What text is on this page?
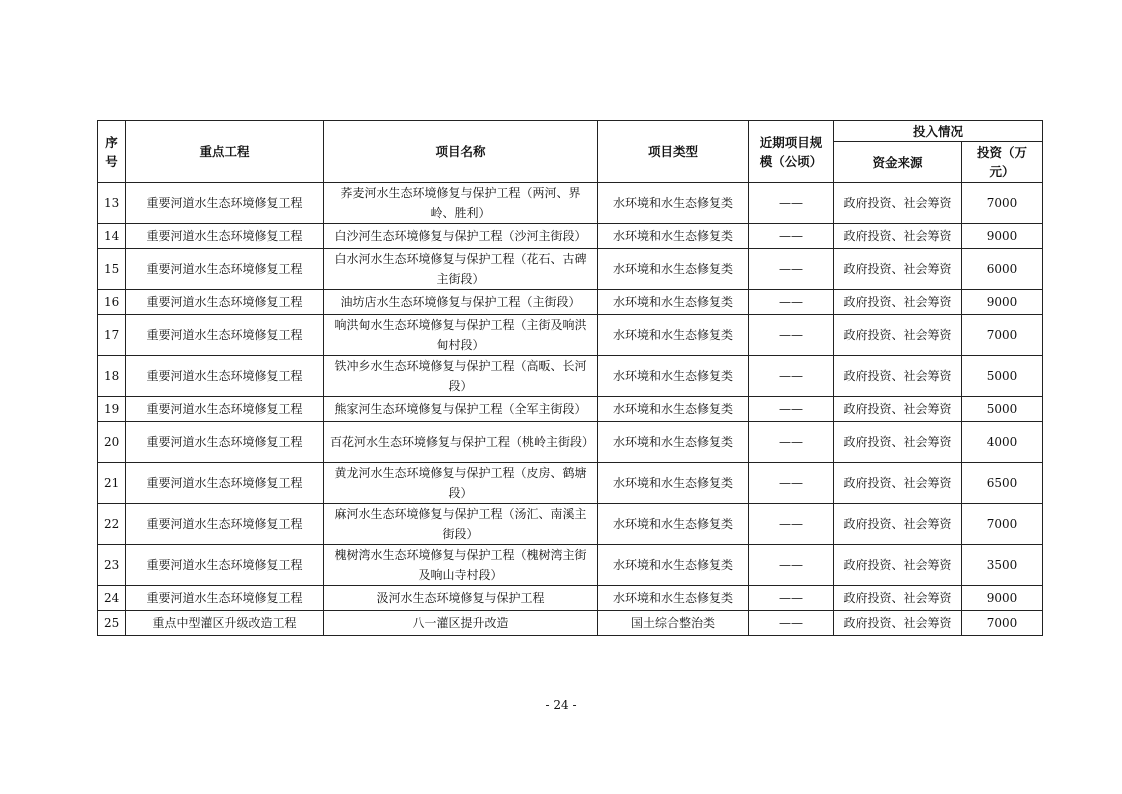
序号	重点工程	项目名称	项目类型	近期项目规模（公顷）	投入情况	
					资金来源	投资（万元）
13	重要河道水生态环境修复工程	荞麦河水生态环境修复与保护工程（两河、界岭、胜利）	水环境和水生态修复类	——	政府投资、社会筹资	7000
14	重要河道水生态环境修复工程	白沙河生态环境修复与保护工程（沙河主街段）	水环境和水生态修复类	——	政府投资、社会筹资	9000
15	重要河道水生态环境修复工程	白水河水生态环境修复与保护工程（花石、古碑主街段）	水环境和水生态修复类	——	政府投资、社会筹资	6000
16	重要河道水生态环境修复工程	油坊店水生态环境修复与保护工程（主街段）	水环境和水生态修复类	——	政府投资、社会筹资	9000
17	重要河道水生态环境修复工程	响洪甸水生态环境修复与保护工程（主街及响洪甸村段）	水环境和水生态修复类	——	政府投资、社会筹资	7000
18	重要河道水生态环境修复工程	铁冲乡水生态环境修复与保护工程（高畈、长河段）	水环境和水生态修复类	——	政府投资、社会筹资	5000
19	重要河道水生态环境修复工程	熊家河生态环境修复与保护工程（全军主街段）	水环境和水生态修复类	——	政府投资、社会筹资	5000
20	重要河道水生态环境修复工程	百花河水生态环境修复与保护工程（桃岭主街段）	水环境和水生态修复类	——	政府投资、社会筹资	4000
21	重要河道水生态环境修复工程	黄龙河水生态环境修复与保护工程（皮房、鹤塘段）	水环境和水生态修复类	——	政府投资、社会筹资	6500
22	重要河道水生态环境修复工程	麻河水生态环境修复与保护工程（汤汇、南溪主街段）	水环境和水生态修复类	——	政府投资、社会筹资	7000
23	重要河道水生态环境修复工程	槐树湾水生态环境修复与保护工程（槐树湾主街及响山寺村段）	水环境和水生态修复类	——	政府投资、社会筹资	3500
24	重要河道水生态环境修复工程	汲河水生态环境修复与保护工程	水环境和水生态修复类	——	政府投资、社会筹资	9000
25	重点中型灌区升级改造工程	八一灌区提升改造	国土综合整治类	——	政府投资、社会筹资	7000
- 24 -
